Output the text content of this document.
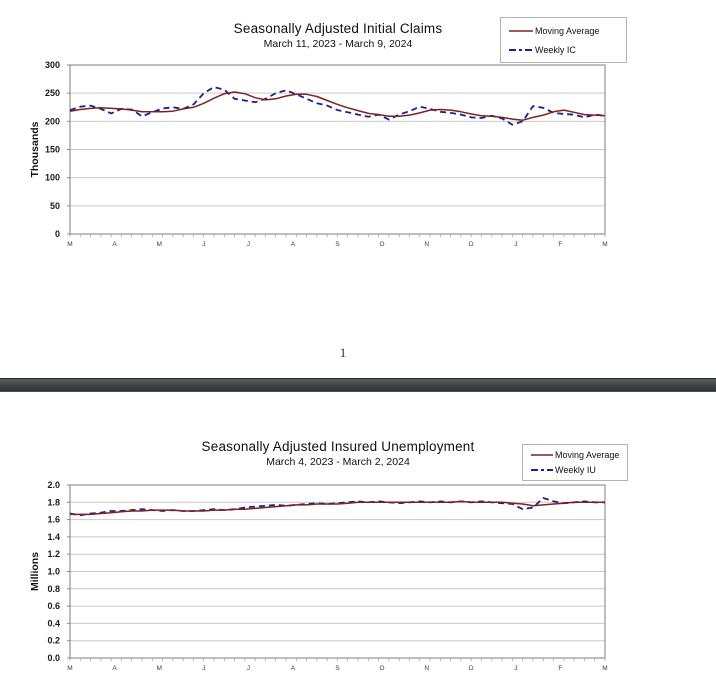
Seasonally Adjusted Initial Claims
March 11, 2023 - March 9, 2024
Moving Average
Weekly IC
300
250
200
150
100
50
0
M	A	M	J	J	A	S	O	N	D	J	F	M
Thousands
1
Seasonally Adjusted Insured Unemployment
March 4, 2023 - March 2, 2024
Moving Average
Weekly IU
2.0
1.8
1.6
1.4
1.2
1.0
0.8
0.6
0.4
0.2
0.0
M	A	M	J	J	A	S	O	N	D	J	F	M
Millions
